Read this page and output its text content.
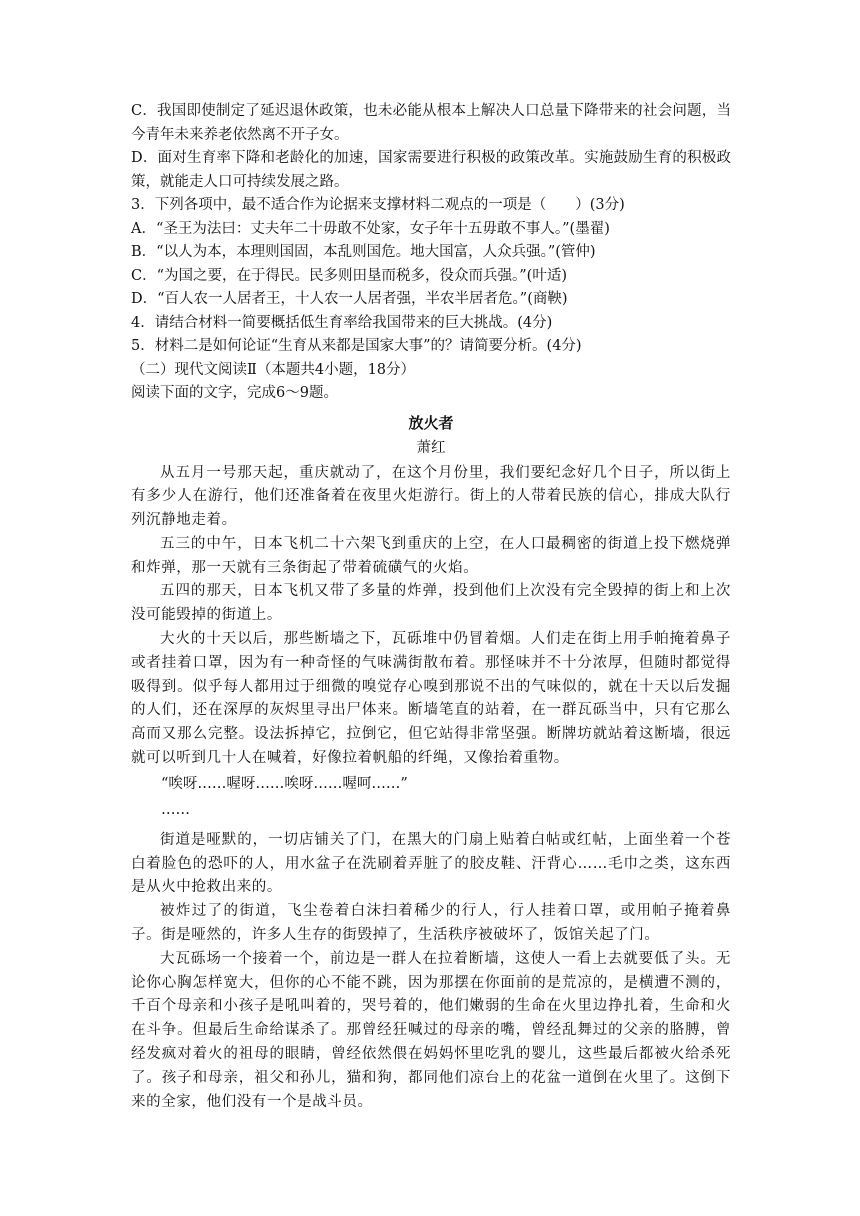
C．我国即使制定了延迟退休政策，也未必能从根本上解决人口总量下降带来的社会问题，当今青年未来养老依然离不开子女。

D．面对生育率下降和老龄化的加速，国家需要进行积极的政策改革。实施鼓励生育的积极政策，就能走人口可持续发展之路。

3．下列各项中，最不适合作为论据来支撑材料二观点的一项是（　　）(3分)

A．“圣王为法曰：丈夫年二十毋敢不处家，女子年十五毋敢不事人。”(墨翟)

B．“以人为本，本理则国固，本乱则国危。地大国富，人众兵强。”(管仲)

C．“为国之要，在于得民。民多则田垦而税多，役众而兵强。”(叶适)

D．“百人农一人居者王，十人农一人居者强，半农半居者危。”(商鞅)

4．请结合材料一简要概括低生育率给我国带来的巨大挑战。(4分)

5．材料二是如何论证“生育从来都是国家大事”的？请简要分析。(4分)

（二）现代文阅读Ⅱ（本题共4小题，18分）

阅读下面的文字，完成6～9题。

放火者

萧红

从五月一号那天起，重庆就动了，在这个月份里，我们要纪念好几个日子，所以街上有多少人在游行，他们还准备着在夜里火炬游行。街上的人带着民族的信心，排成大队行列沉静地走着。

五三的中午，日本飞机二十六架飞到重庆的上空，在人口最稠密的街道上投下燃烧弹和炸弹，那一天就有三条街起了带着硫磺气的火焰。

五四的那天，日本飞机又带了多量的炸弹，投到他们上次没有完全毁掉的街上和上次没可能毁掉的街道上。

大火的十天以后，那些断墙之下，瓦砾堆中仍冒着烟。人们走在街上用手帕掩着鼻子或者挂着口罩，因为有一种奇怪的气味满街散布着。那怪味并不十分浓厚，但随时都觉得吸得到。似乎每人都用过于细微的嗅觉存心嗅到那说不出的气味似的，就在十天以后发掘的人们，还在深厚的灰烬里寻出尸体来。断墙笔直的站着，在一群瓦砾当中，只有它那么高而又那么完整。设法拆掉它，拉倒它，但它站得非常坚强。断牌坊就站着这断墙，很远就可以听到几十人在喊着，好像拉着帆船的纤绳，又像抬着重物。

“唉呀……喔呀……唉呀……喔呵……”

……

街道是哑默的，一切店铺关了门，在黑大的门扇上贴着白帖或红帖，上面坐着一个苍白着脸色的恐吓的人，用水盆子在洗刷着弄脏了的胶皮鞋、汗背心……毛巾之类，这东西是从火中抢救出来的。

被炸过了的街道，飞尘卷着白沫扫着稀少的行人，行人挂着口罩，或用帕子掩着鼻子。街是哑然的，许多人生存的街毁掉了，生活秩序被破坏了，饭馆关起了门。

大瓦砾场一个接着一个，前边是一群人在拉着断墙，这使人一看上去就要低了头。无论你心胸怎样宽大，但你的心不能不跳，因为那摆在你面前的是荒凉的，是横遭不测的，千百个母亲和小孩子是吼叫着的，哭号着的，他们嫩弱的生命在火里边挣扎着，生命和火在斗争。但最后生命给谋杀了。那曾经狂喊过的母亲的嘴，曾经乱舞过的父亲的胳膊，曾经发疯对着火的祖母的眼睛，曾经依然偎在妈妈怀里吃乳的婴儿，这些最后都被火给杀死了。孩子和母亲，祖父和孙儿，猫和狗，都同他们凉台上的花盆一道倒在火里了。这倒下来的全家，他们没有一个是战斗员。
